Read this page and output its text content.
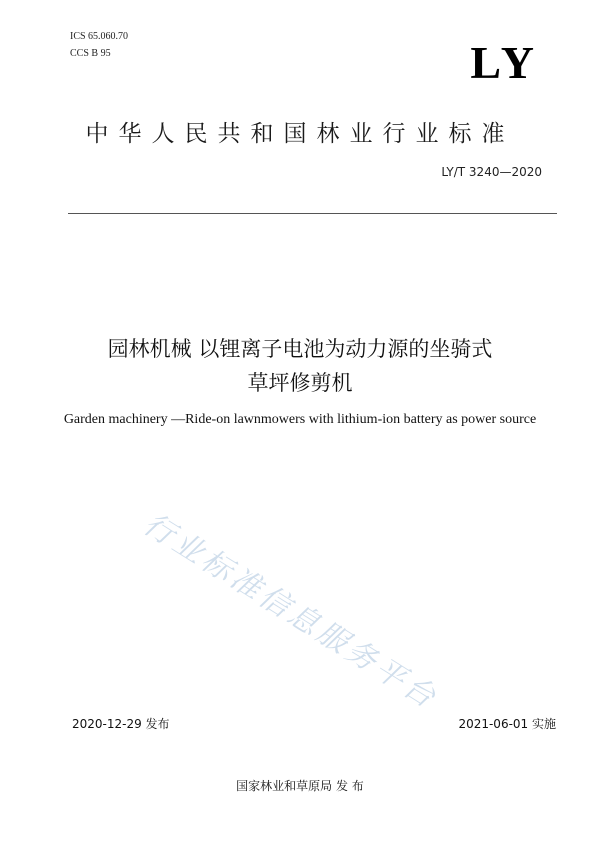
ICS 65.060.70
CCS B 95	LY
中华人民共和国林业行业标准
LY/T 3240—2020
园林机械 以锂离子电池为动力源的坐骑式
草坪修剪机
Garden machinery —Ride-on lawnmowers with lithium-ion battery as power source
行业标准信息服务平台
2020-12-29 发布	2021-06-01 实施
国家林业和草原局 发 布
